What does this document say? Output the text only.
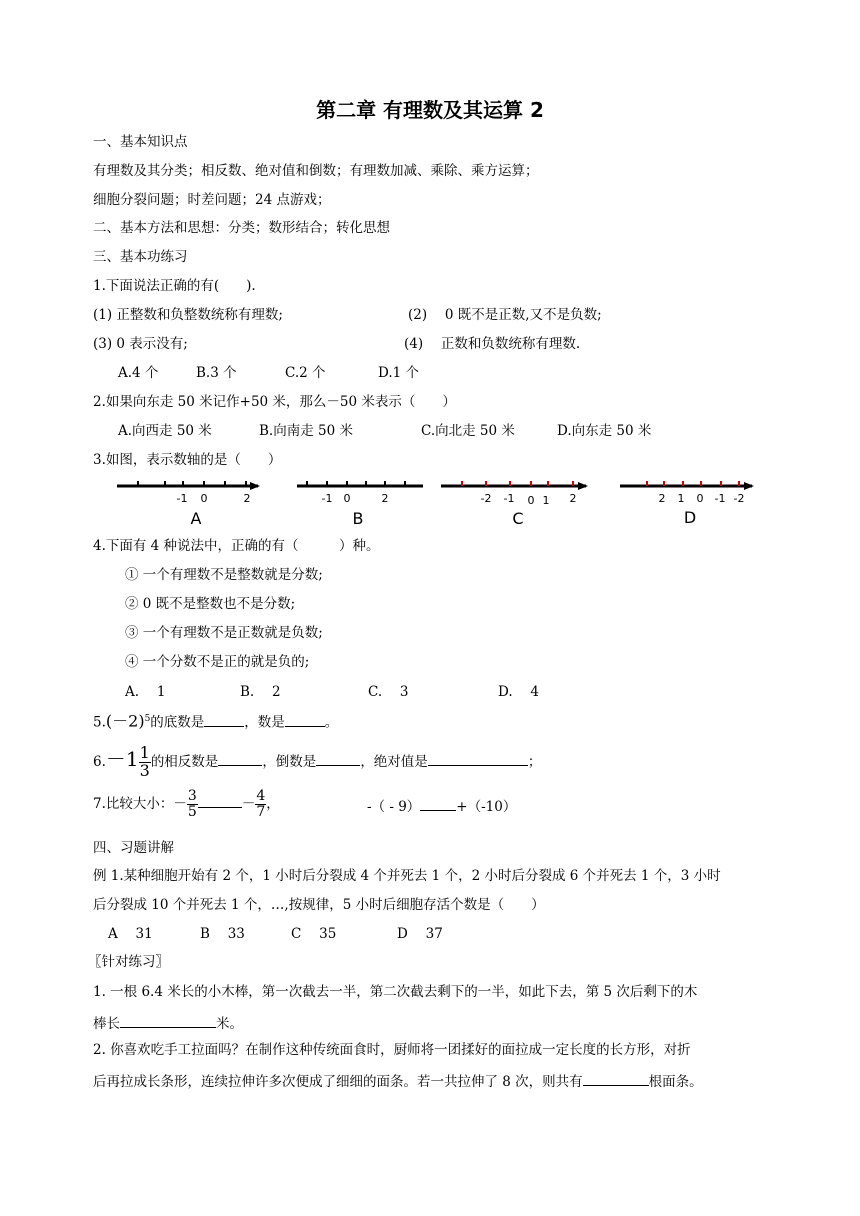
第二章 有理数及其运算 2
一、基本知识点
有理数及其分类；相反数、绝对值和倒数；有理数加减、乘除、乘方运算；
细胞分裂问题；时差问题；24 点游戏；
二、基本方法和思想：分类；数形结合；转化思想
三、基本功练习
1.下面说法正确的有(　　).
(1) 正整数和负整数统称有理数;	(2)　 0 既不是正数,又不是负数;
(3) 0 表示没有;	(4)　 正数和负数统称有理数.
A.4 个	B.3 个	C.2 个	D.1 个
2.如果向东走 50 米记作+50 米，那么－50 米表示（　　）
A.向西走 50 米	B.向南走 50 米	C.向北走 50 米	D.向东走 50 米
3.如图，表示数轴的是（　　）
-1 0	2
A
-1 0	2
B
-2 -1 0 1 2
C
2 1 0 -1 -2
D
4.下面有 4 种说法中，正确的有（　　　）种。
① 一个有理数不是整数就是分数;
② 0 既不是整数也不是分数;
③ 一个有理数不是正数就是负数;
④ 一个分数不是正的就是负的;
A.  1	B.  2	C.  3	D.  4
$5.(-2)^5$的底数是	，数是	。
$6.-1 \frac{1}{3}$ 的相反数是	，倒数是	，绝对值是	；
7.比较大小：－ $\frac{3}{5}$	－ $\frac{4}{7}$ ，	-（ - 9）	+（-10）
四、习题讲解
例 1.某种细胞开始有 2 个，1 小时后分裂成 4 个并死去 1 个，2 小时后分裂成 6 个并死去 1 个，3 小时
后分裂成 10 个并死去 1 个，…,按规律，5 小时后细胞存活个数是（　　）
A  31	B  33	C  35	D  37
〖针对练习〗
1. 一根 6.4 米长的小木棒，第一次截去一半，第二次截去剩下的一半，如此下去，第 5 次后剩下的木
棒长	米。
2. 你喜欢吃手工拉面吗？在制作这种传统面食时，厨师将一团揉好的面拉成一定长度的长方形，对折
后再拉成长条形，连续拉伸许多次便成了细细的面条。若一共拉伸了 8 次，则共有	根面条。
